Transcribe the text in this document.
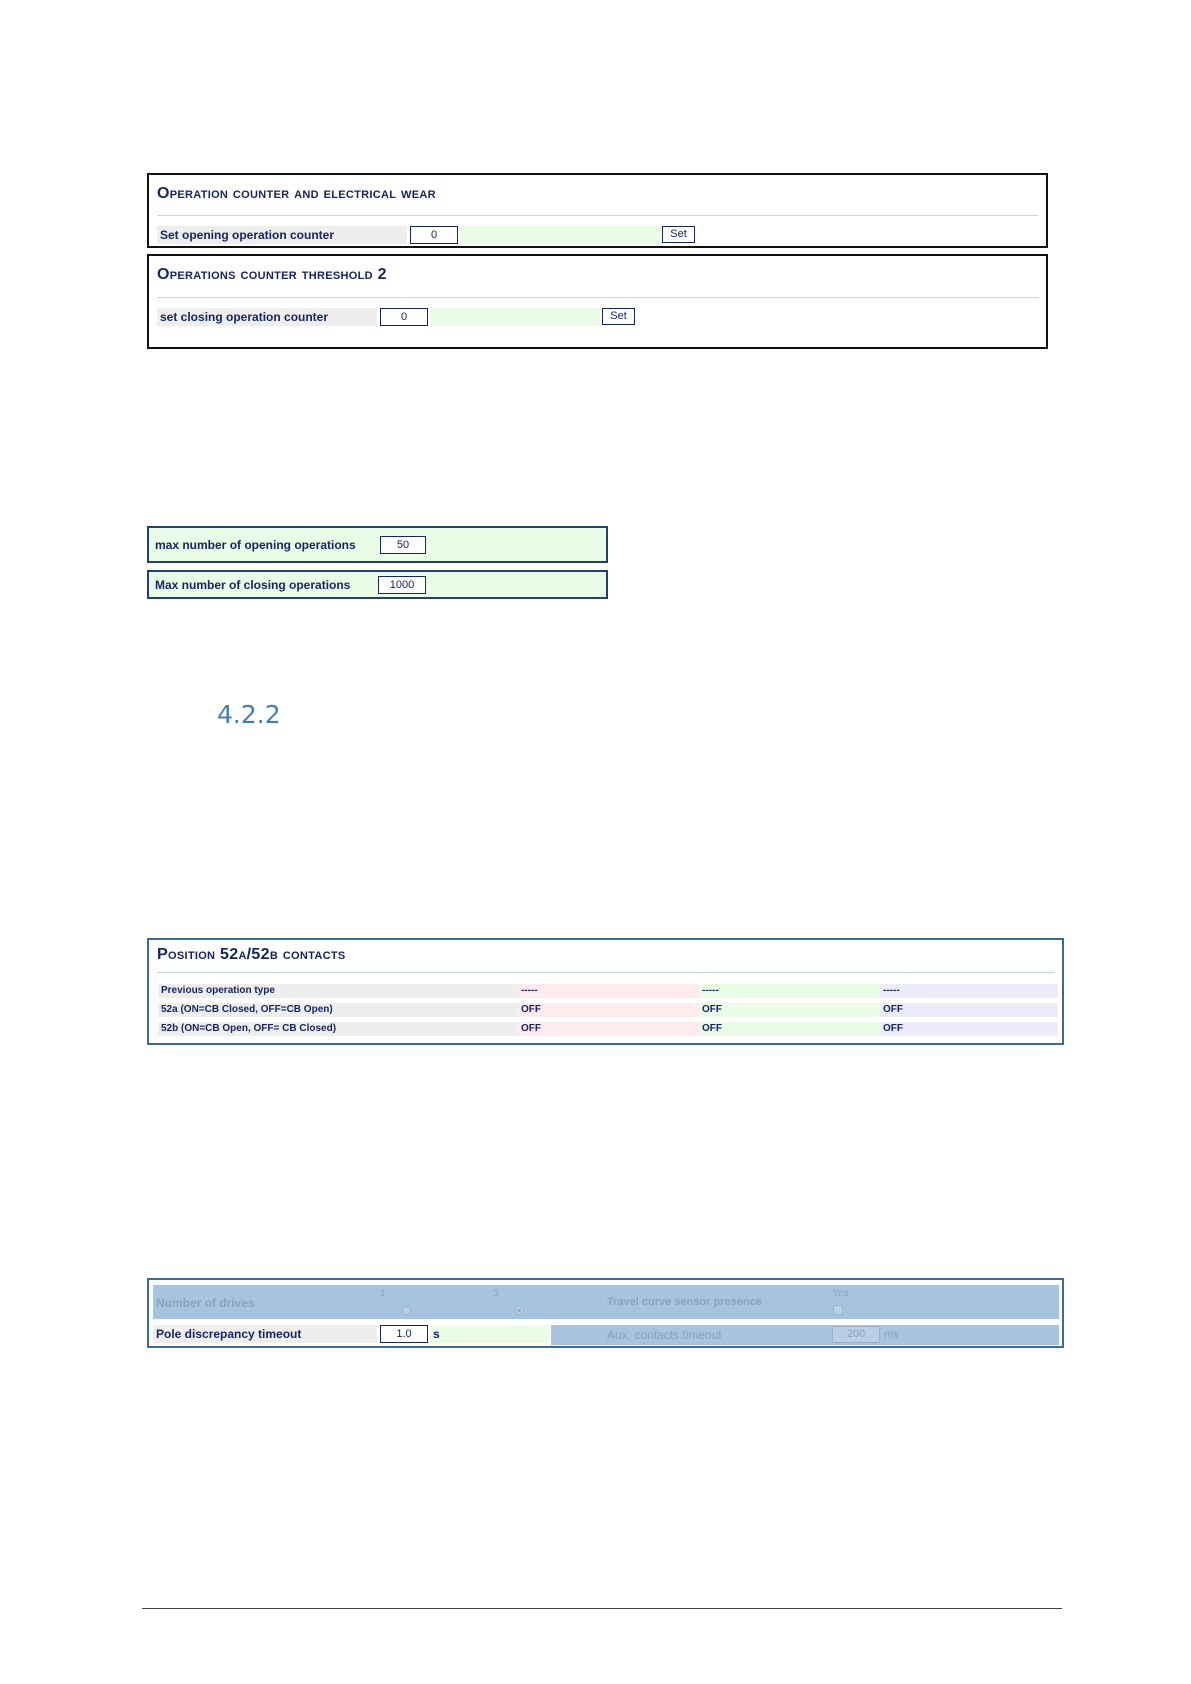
Operation counter and electrical wear
Set opening operation counter
0	Set
Operations counter threshold 2
set closing operation counter
0	Set
max number of opening operations
50
Max number of closing operations
1000
4.2.2
Position 52a/52b contacts
Previous operation type	-----	-----	-----
52a (ON=CB Closed, OFF=CB Open)	OFF	OFF	OFF
52b (ON=CB Open, OFF= CB Closed)	OFF	OFF	OFF
Number of drives
1	3
Travel curve sensor presence
Yes
Pole discrepancy timeout
1.0	s	Aux. contacts timeout	200	ms
